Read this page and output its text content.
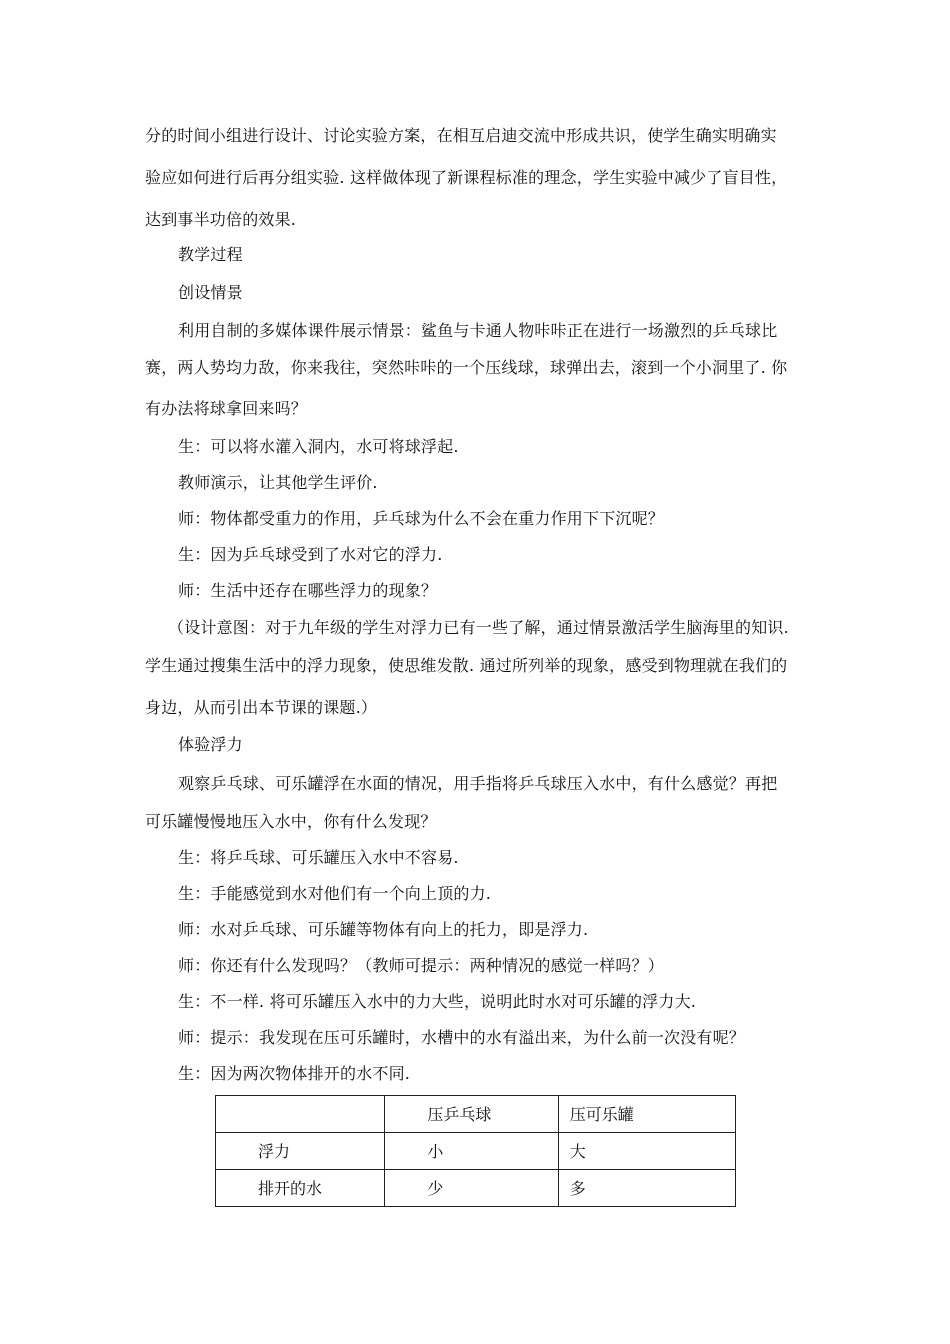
分的时间小组进行设计、讨论实验方案，在相互启迪交流中形成共识，使学生确实明确实
验应如何进行后再分组实验. 这样做体现了新课程标准的理念，学生实验中减少了盲目性，
达到事半功倍的效果.
教学过程
创设情景
利用自制的多媒体课件展示情景：鲨鱼与卡通人物咔咔正在进行一场激烈的乒乓球比
赛，两人势均力敌，你来我往，突然咔咔的一个压线球，球弹出去，滚到一个小洞里了. 你
有办法将球拿回来吗？
生：可以将水灌入洞内，水可将球浮起.
教师演示，让其他学生评价.
师：物体都受重力的作用，乒乓球为什么不会在重力作用下下沉呢？
生：因为乒乓球受到了水对它的浮力.
师：生活中还存在哪些浮力的现象？
（设计意图：对于九年级的学生对浮力已有一些了解，通过情景激活学生脑海里的知识.
学生通过搜集生活中的浮力现象，使思维发散. 通过所列举的现象，感受到物理就在我们的
身边，从而引出本节课的课题.）
体验浮力
观察乒乓球、可乐罐浮在水面的情况，用手指将乒乓球压入水中，有什么感觉？再把
可乐罐慢慢地压入水中，你有什么发现？
生：将乒乓球、可乐罐压入水中不容易.
生：手能感觉到水对他们有一个向上顶的力.
师：水对乒乓球、可乐罐等物体有向上的托力，即是浮力.
师：你还有什么发现吗？（教师可提示：两种情况的感觉一样吗？）
生：不一样. 将可乐罐压入水中的力大些，说明此时水对可乐罐的浮力大.
师：提示：我发现在压可乐罐时，水槽中的水有溢出来，为什么前一次没有呢？
生：因为两次物体排开的水不同.

	压乒乓球	压可乐罐

浮力	小	大

排开的水	少	多
